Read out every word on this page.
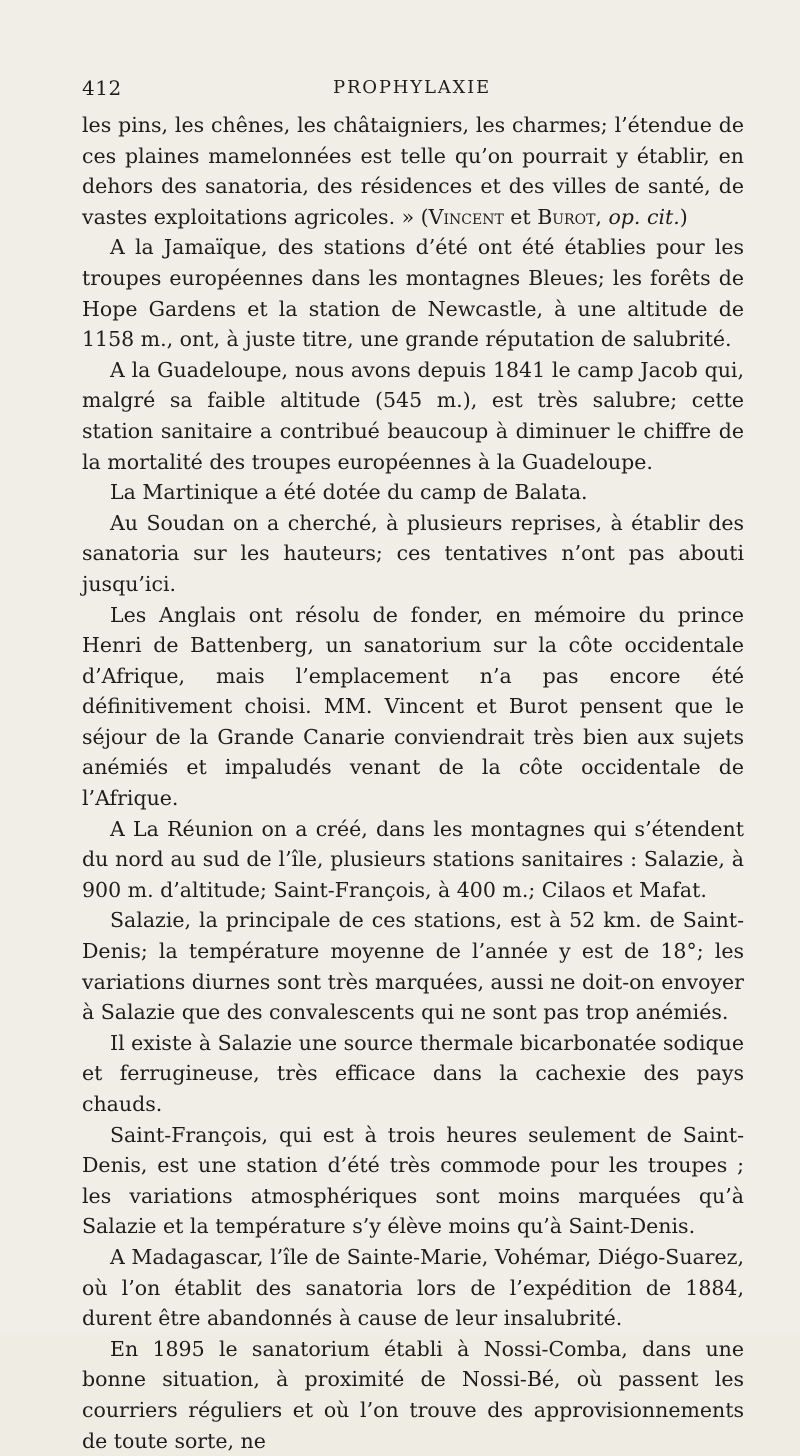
412	PROPHYLAXIE

les pins, les chênes, les châtaigniers, les charmes; l’étendue de ces plaines mamelonnées est telle qu’on pourrait y établir, en dehors des sanatoria, des résidences et des villes de santé, de vastes exploitations agricoles. » (Vincent et Burot, op. cit.)

A la Jamaïque, des stations d’été ont été établies pour les troupes européennes dans les montagnes Bleues; les forêts de Hope Gardens et la station de Newcastle, à une altitude de 1158 m., ont, à juste titre, une grande réputation de salubrité.

A la Guadeloupe, nous avons depuis 1841 le camp Jacob qui, malgré sa faible altitude (545 m.), est très salubre; cette station sanitaire a contribué beaucoup à diminuer le chiffre de la mortalité des troupes européennes à la Guadeloupe.

La Martinique a été dotée du camp de Balata.

Au Soudan on a cherché, à plusieurs reprises, à établir des sanatoria sur les hauteurs; ces tentatives n’ont pas abouti jusqu’ici.

Les Anglais ont résolu de fonder, en mémoire du prince Henri de Battenberg, un sanatorium sur la côte occidentale d’Afrique, mais l’emplacement n’a pas encore été définitivement choisi. MM. Vincent et Burot pensent que le séjour de la Grande Canarie conviendrait très bien aux sujets anémiés et impaludés venant de la côte occidentale de l’Afrique.

A La Réunion on a créé, dans les montagnes qui s’étendent du nord au sud de l’île, plusieurs stations sanitaires : Salazie, à 900 m. d’altitude; Saint-François, à 400 m.; Cilaos et Mafat.

Salazie, la principale de ces stations, est à 52 km. de Saint-Denis; la température moyenne de l’année y est de 18°; les variations diurnes sont très marquées, aussi ne doit-on envoyer à Salazie que des convalescents qui ne sont pas trop anémiés.

Il existe à Salazie une source thermale bicarbonatée sodique et ferrugineuse, très efficace dans la cachexie des pays chauds.

Saint-François, qui est à trois heures seulement de Saint-Denis, est une station d’été très commode pour les troupes ; les variations atmosphériques sont moins marquées qu’à Salazie et la température s’y élève moins qu’à Saint-Denis.

A Madagascar, l’île de Sainte-Marie, Vohémar, Diégo-Suarez, où l’on établit des sanatoria lors de l’expédition de 1884, durent être abandonnés à cause de leur insalubrité.

En 1895 le sanatorium établi à Nossi-Comba, dans une bonne situation, à proximité de Nossi-Bé, où passent les courriers réguliers et où l’on trouve des approvisionnements de toute sorte, ne
